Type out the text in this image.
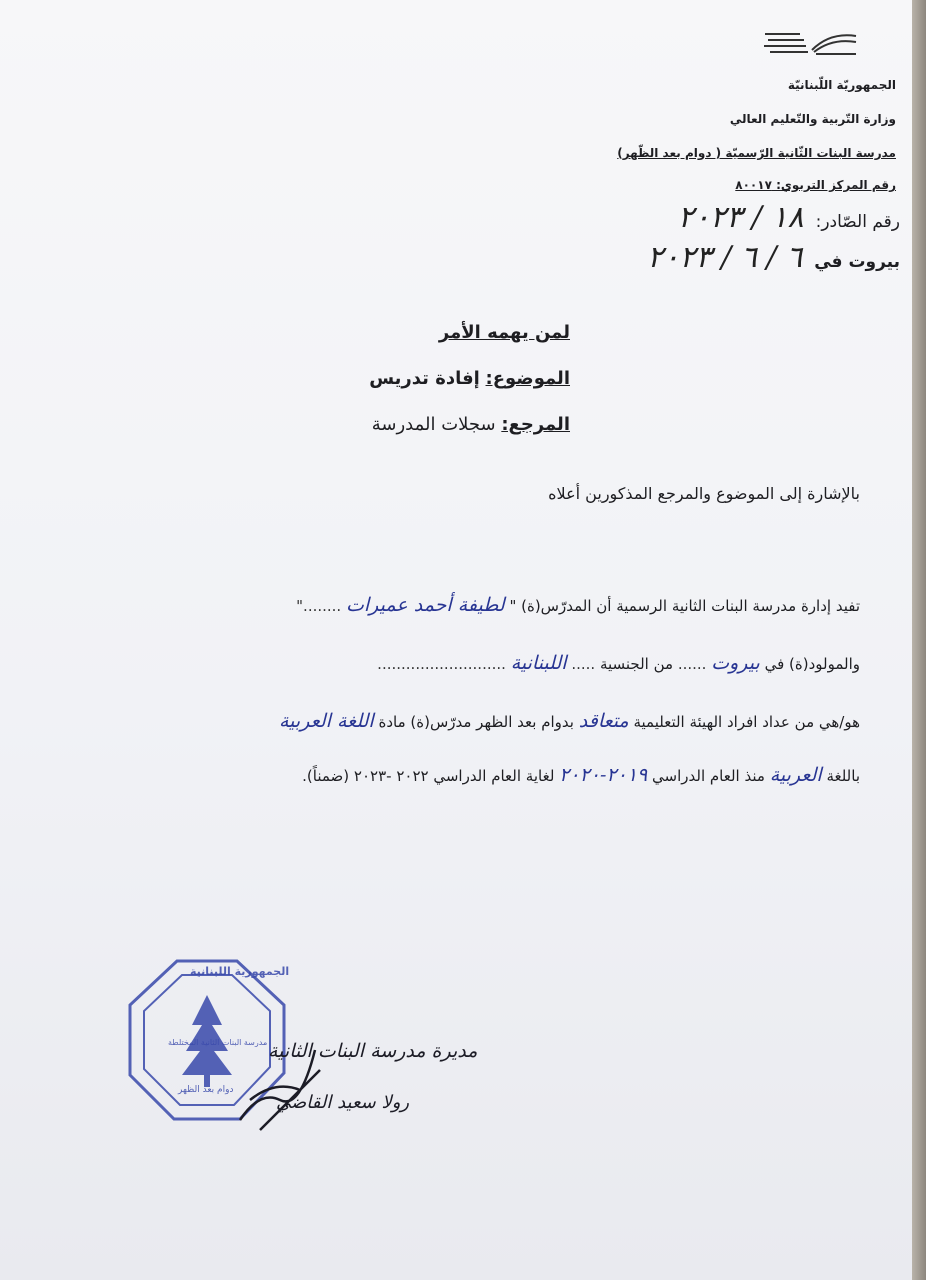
الجمهوريّة اللّبنانيّة
وزارة التّربية والتّعليم العالي
مدرسة البنات الثّانية الرّسميّة ( دوام بعد الظّهر)
رقم المركز التربوي: ٨٠٠١٧
رقم الصّادر:
١٨ / ٢٠٢٣
بيروت في
٦ / ٦ / ٢٠٢٣
لمن يهمه الأمر
الموضوع: إفادة تدريس
المرجع: سجلات المدرسة
بالإشارة إلى الموضوع والمرجع المذكورين أعلاه
تفيد إدارة مدرسة البنات الثانية الرسمية أن المدرّس(ة) " لطيفة أحمد عميرات ........"
والمولود(ة) في بيروت ...... من الجنسية ..... اللبنانية ...........................
هو/هي من عداد افراد الهيئة التعليمية متعاقد بدوام بعد الظهر مدرّس(ة) مادة اللغة العربية
باللغة العربية منذ العام الدراسي ٢٠١٩-٢٠٢٠ لغاية العام الدراسي ٢٠٢٢ -٢٠٢٣ (ضمناً).
الجمهورية اللبنانية
مدرسة البنات الثانية المختلطة
دوام بعد الظهر
مديرة مدرسة البنات الثانية
رولا سعيد القاضي
